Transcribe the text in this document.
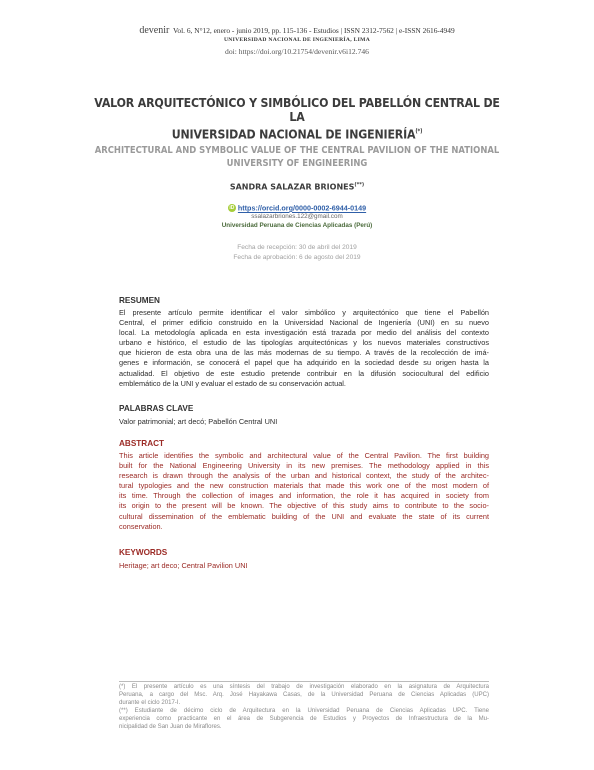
devenir Vol. 6, N°12, enero - junio 2019, pp. 115-136 - Estudios | ISSN 2312-7562 | e-ISSN 2616-4949
UNIVERSIDAD NACIONAL DE INGENIERÍA, LIMA
doi: https://doi.org/10.21754/devenir.v6i12.746
VALOR ARQUITECTÓNICO Y SIMBÓLICO DEL PABELLÓN CENTRAL DE LA
UNIVERSIDAD NACIONAL DE INGENIERÍA(*)
ARCHITECTURAL AND SYMBOLIC VALUE OF THE CENTRAL PAVILION OF THE NATIONAL
UNIVERSITY OF ENGINEERING
SANDRA SALAZAR BRIONES(**)
iD https://orcid.org/0000-0002-6944-0149
ssalazarbriones.122@gmail.com
Universidad Peruana de Ciencias Aplicadas (Perú)
Fecha de recepción: 30 de abril del 2019
Fecha de aprobación: 6 de agosto del 2019
RESUMEN
El presente artículo permite identificar el valor simbólico y arquitectónico que tiene el Pabellón
Central, el primer edificio construido en la Universidad Nacional de Ingeniería (UNI) en su nuevo
local. La metodología aplicada en esta investigación está trazada por medio del análisis del contexto
urbano e histórico, el estudio de las tipologías arquitectónicas y los nuevos materiales constructivos
que hicieron de esta obra una de las más modernas de su tiempo. A través de la recolección de imá-
genes e información, se conocerá el papel que ha adquirido en la sociedad desde su origen hasta la
actualidad. El objetivo de este estudio pretende contribuir en la difusión sociocultural del edificio
emblemático de la UNI y evaluar el estado de su conservación actual.
PALABRAS CLAVE
Valor patrimonial; art decó; Pabellón Central UNI
ABSTRACT
This article identifies the symbolic and architectural value of the Central Pavilion. The first building
built for the National Engineering University in its new premises. The methodology applied in this
research is drawn through the analysis of the urban and historical context, the study of the architec-
tural typologies and the new construction materials that made this work one of the most modern of
its time. Through the collection of images and information, the role it has acquired in society from
its origin to the present will be known. The objective of this study aims to contribute to the socio-
cultural dissemination of the emblematic building of the UNI and evaluate the state of its current
conservation.
KEYWORDS
Heritage; art deco; Central Pavilion UNI
(*) El presente artículo es una síntesis del trabajo de investigación elaborado en la asignatura de Arquitectura
Peruana, a cargo del Msc. Arq. José Hayakawa Casas, de la Universidad Peruana de Ciencias Aplicadas (UPC)
durante el ciclo 2017-I.
(**) Estudiante de décimo ciclo de Arquitectura en la Universidad Peruana de Ciencias Aplicadas UPC. Tiene
experiencia como practicante en el área de Subgerencia de Estudios y Proyectos de Infraestructura de la Mu-
nicipalidad de San Juan de Miraflores.
